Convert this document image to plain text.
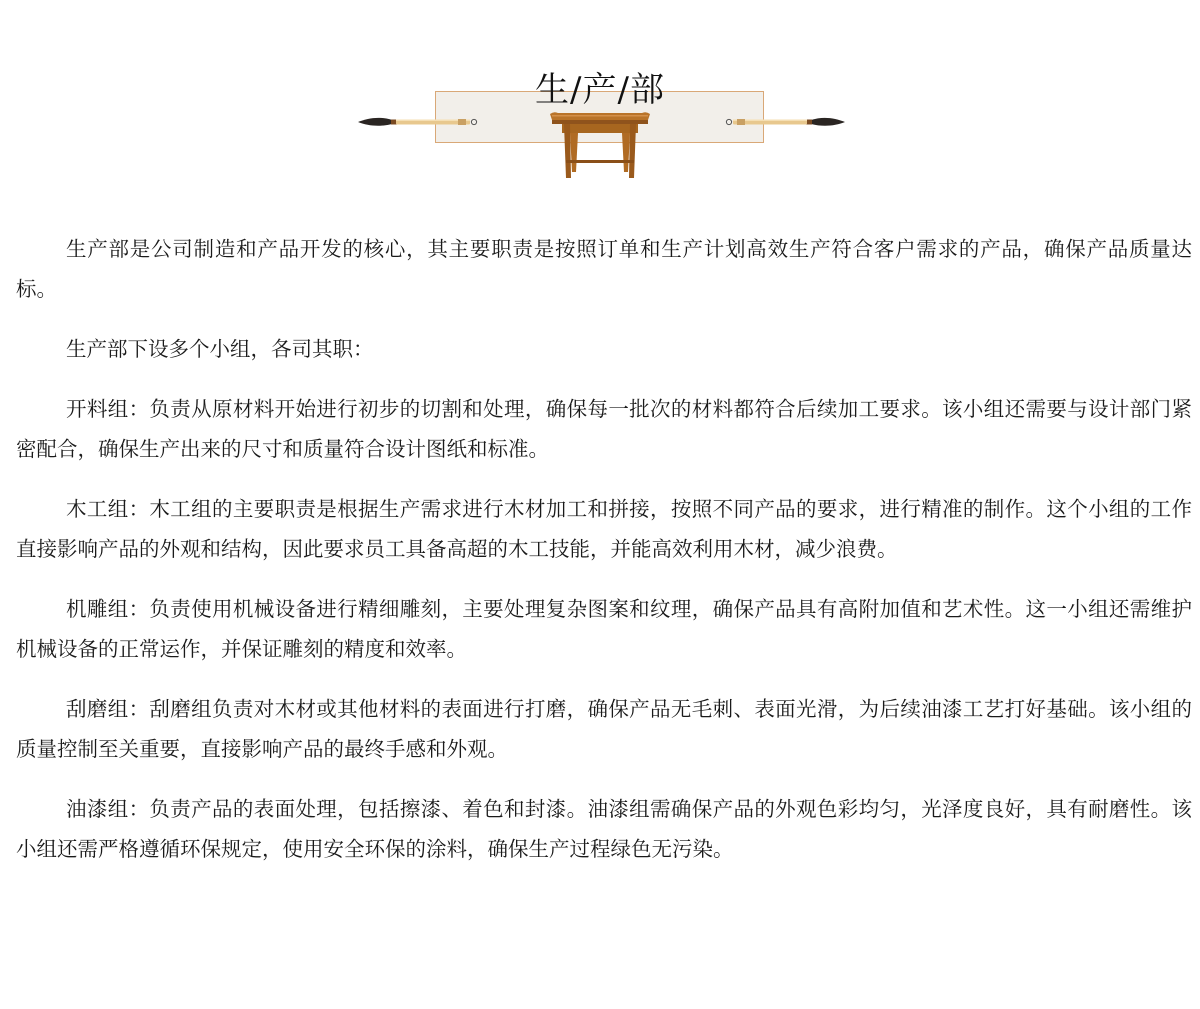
生/产/部

生产部是公司制造和产品开发的核心，其主要职责是按照订单和生产计划高效生产符合客户需求的产品，确保产品质量达标。

生产部下设多个小组，各司其职：

开料组：负责从原材料开始进行初步的切割和处理，确保每一批次的材料都符合后续加工要求。该小组还需要与设计部门紧密配合，确保生产出来的尺寸和质量符合设计图纸和标准。

木工组：木工组的主要职责是根据生产需求进行木材加工和拼接，按照不同产品的要求，进行精准的制作。这个小组的工作直接影响产品的外观和结构，因此要求员工具备高超的木工技能，并能高效利用木材，减少浪费。

机雕组：负责使用机械设备进行精细雕刻，主要处理复杂图案和纹理，确保产品具有高附加值和艺术性。这一小组还需维护机械设备的正常运作，并保证雕刻的精度和效率。

刮磨组：刮磨组负责对木材或其他材料的表面进行打磨，确保产品无毛刺、表面光滑，为后续油漆工艺打好基础。该小组的质量控制至关重要，直接影响产品的最终手感和外观。

油漆组：负责产品的表面处理，包括擦漆、着色和封漆。油漆组需确保产品的外观色彩均匀，光泽度良好，具有耐磨性。该小组还需严格遵循环保规定，使用安全环保的涂料，确保生产过程绿色无污染。
